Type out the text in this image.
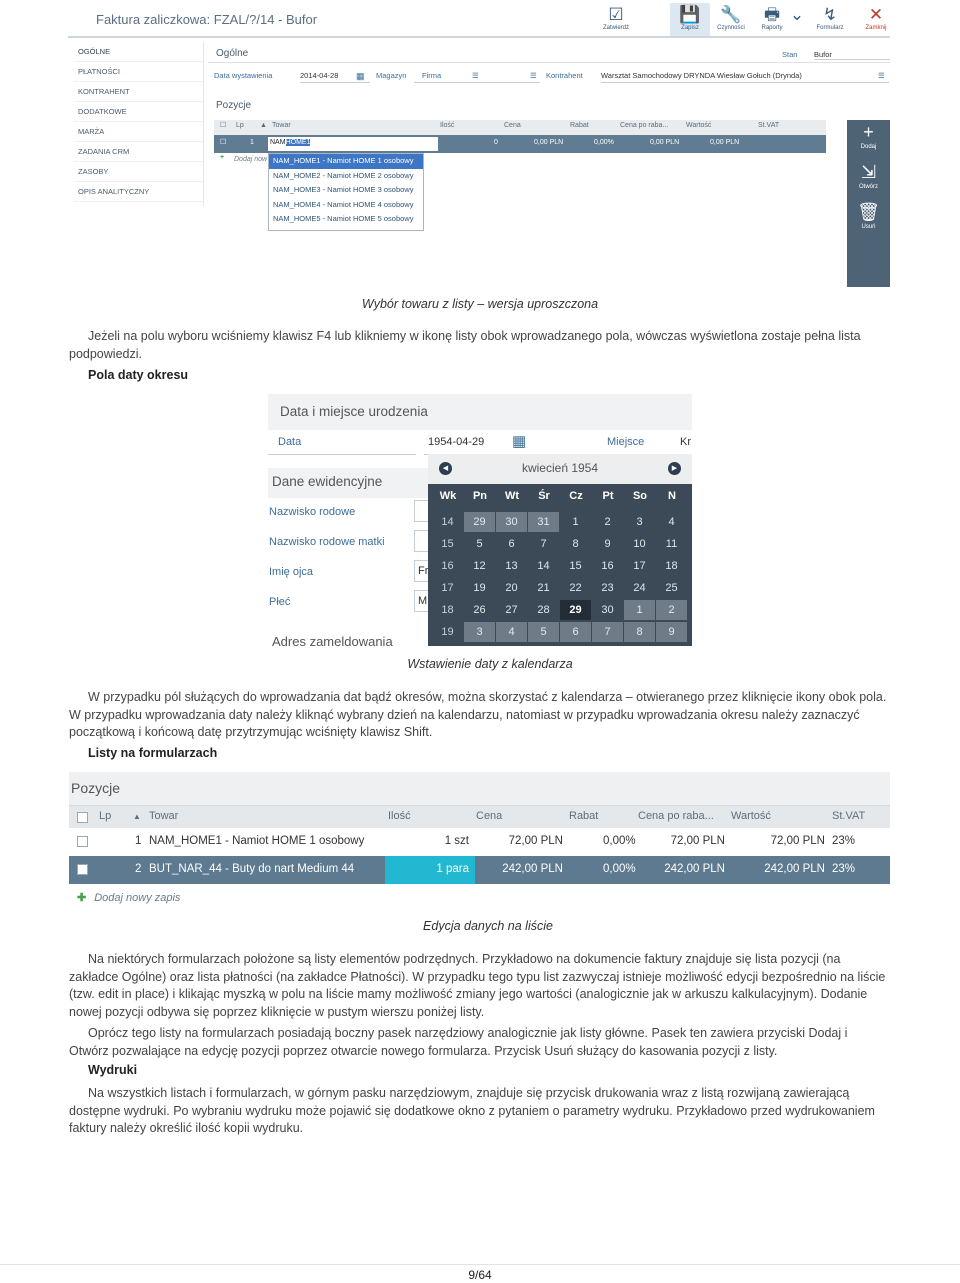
Faktura zaliczkowa: FZAL/?/14 - Bufor	☑
Zatwierdź
💾
Zapisz
🔧
Czynności
🖶
Raporty
⌄	↯
Formularz
✕
Zamknij
OGÓLNE
PŁATNOŚCI
KONTRAHENT
DODATKOWE
MARŻA
ZADANIA CRM
ZASOBY
OPIS ANALITYCZNY
Ogólne	Stan Bufor
Data wystawienia	2014-04-28	▦ Magazyn	☰
Firma	☰ Kontrahent Warsztat Samochodowy DRYNDA Wiesław Gołuch (Drynda)	☰
Pozycje
☐ Lp ▲ Towar	Ilość	Cena	Rabat	Cena po raba...	Wartość	St.VAT
☐	1 NAMHOME1	0	0,00 PLN	0,00%	0,00 PLN	0,00 PLN
+ Dodaj now NAM_HOME1 - Namiot HOME 1 osobowy
NAM_HOME2 - Namiot HOME 2 osobowy
NAM_HOME3 - Namiot HOME 3 osobowy
NAM_HOME4 - Namiot HOME 4 osobowy
NAM_HOME5 - Namiot HOME 5 osobowy
+
Dodaj
⇲
Otwórz
🗑
Usuń
Wybór towaru z listy – wersja uproszczona
Jeżeli na polu wyboru wciśniemy klawisz F4 lub klikniemy w ikonę listy obok wprowadzanego pola, wówczas wyświetlona zostaje pełna lista podpowiedzi.
Pola daty okresu
Data i miejsce urodzenia
Data	1954-04-29 ▦	Miejsce	Kr
Dane ewidencyjne
Nazwisko rodowe
Nazwisko rodowe matki
Imię ojca	Fr
Płeć	M
Adres zameldowania
◀	kwiecień 1954	▶
Wk	Pn	Wt	Śr	Cz	Pt	So	N
14	29	30	31	1	2	3	4
15	5	6	7	8	9	10	11
16	12	13	14	15	16	17	18
17	19	20	21	22	23	24	25
18	26	27	28	29	30	1	2
19	3	4	5	6	7	8	9
Wstawienie daty z kalendarza
W przypadku pól służących do wprowadzania dat bądź okresów, można skorzystać z kalendarza – otwieranego przez kliknięcie ikony obok pola. W przypadku wprowadzania daty należy kliknąć wybrany dzień na kalendarzu, natomiast w przypadku wprowadzania okresu należy zaznaczyć początkową i końcową datę przytrzymując wciśnięty klawisz Shift.
Listy na formularzach
Pozycje
Lp	▲ Towar	Ilość	Cena	Rabat	Cena po raba... Wartość	St.VAT
1 NAM_HOME1 - Namiot HOME 1 osobowy	1 szt	72,00 PLN	0,00%	72,00 PLN	72,00 PLN 23%
2 BUT_NAR_44 - Buty do nart Medium 44	1 para	242,00 PLN	0,00%	242,00 PLN	242,00 PLN 23%
✚ Dodaj nowy zapis
Edycja danych na liście
Na niektórych formularzach położone są listy elementów podrzędnych. Przykładowo na dokumencie faktury znajduje się lista pozycji (na zakładce Ogólne) oraz lista płatności (na zakładce Płatności). W przypadku tego typu list zazwyczaj istnieje możliwość edycji bezpośrednio na liście (tzw. edit in place) i klikając myszką w polu na liście mamy możliwość zmiany jego wartości (analogicznie jak w arkuszu kalkulacyjnym). Dodanie nowej pozycji odbywa się poprzez kliknięcie w pustym wierszu poniżej listy.
Oprócz tego listy na formularzach posiadają boczny pasek narzędziowy analogicznie jak listy główne. Pasek ten zawiera przyciski Dodaj i Otwórz pozwalające na edycję pozycji poprzez otwarcie nowego formularza. Przycisk Usuń służący do kasowania pozycji z listy.
Wydruki
Na wszystkich listach i formularzach, w górnym pasku narzędziowym, znajduje się przycisk drukowania wraz z listą rozwijaną zawierającą dostępne wydruki. Po wybraniu wydruku może pojawić się dodatkowe okno z pytaniem o parametry wydruku. Przykładowo przed wydrukowaniem faktury należy określić ilość kopii wydruku.
9/64
